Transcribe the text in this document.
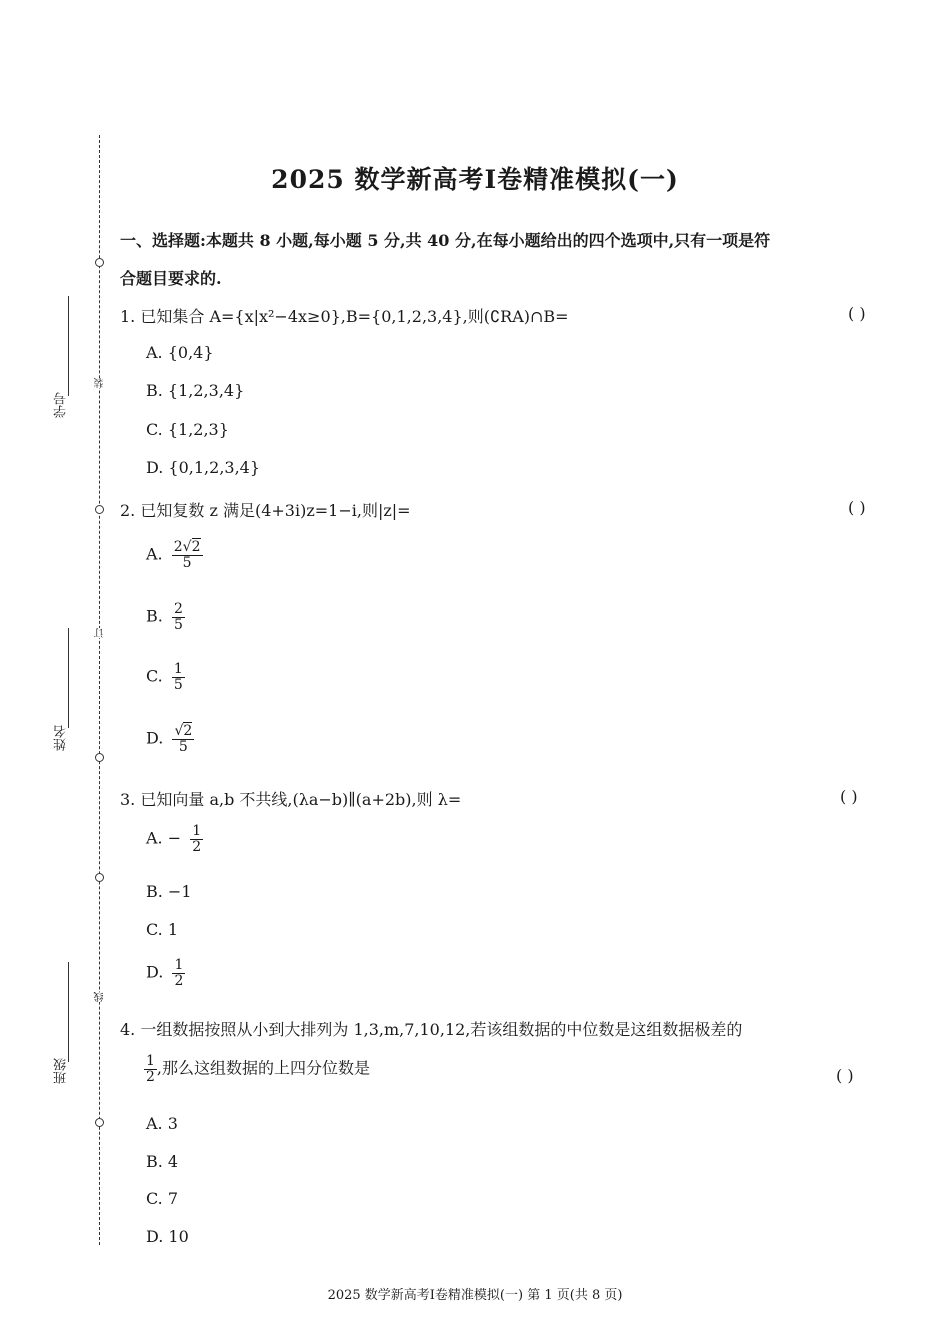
装
订
线
学号
姓名
班级
2025 数学新高考Ⅰ卷精准模拟(一)
一、选择题:本题共 8 小题,每小题 5 分,共 40 分,在每小题给出的四个选项中,只有一项是符
合题目要求的.
1. 已知集合 A={x|x²−4x≥0},B={0,1,2,3,4},则(∁RA)∩B=	( )
A. {0,4}
B. {1,2,3,4}
C. {1,2,3}
D. {0,1,2,3,4}
2. 已知复数 z 满足(4+3i)z=1−i,则|z|=	( )
A. $\frac{2√2}{5}$
B. $\frac{2}{5}$
C. $\frac{1}{5}$
D. $\frac{√2}{5}$
3. 已知向量 a,b 不共线,(λa−b)∥(a+2b),则 λ=	( )
A. − $\frac{1}{2}$
B. −1
C. 1
D. $\frac{1}{2}$
4. 一组数据按照从小到大排列为 1,3,m,7,10,12,若该组数据的中位数是这组数据极差的
$\frac{1}{2}$ ,那么这组数据的上四分位数是	( )
A. 3
B. 4
C. 7
D. 10
2025 数学新高考Ⅰ卷精准模拟(一) 第 1 页(共 8 页)
